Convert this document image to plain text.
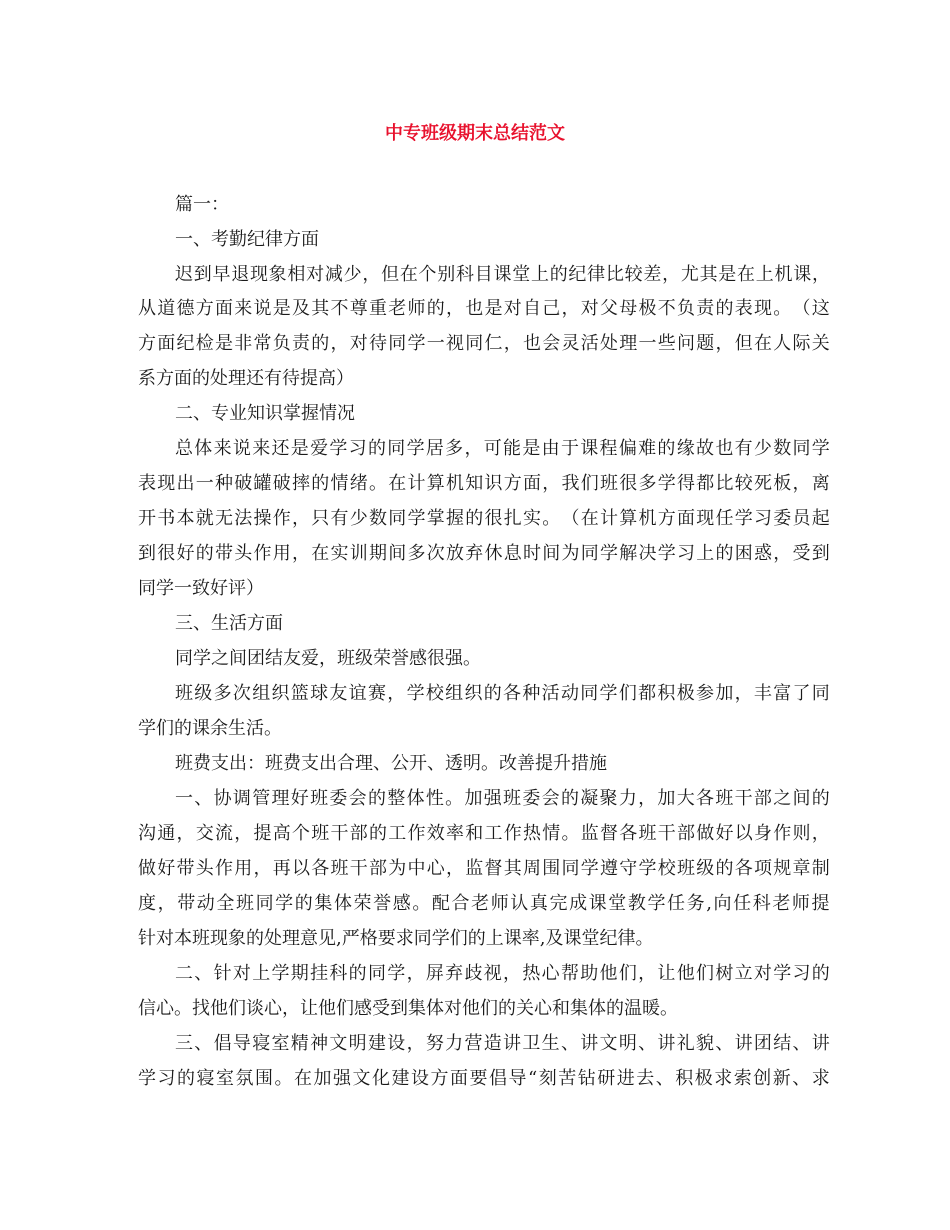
中专班级期末总结范文
篇一：
一、考勤纪律方面
迟 到 早 退 现 象 相 对 减 少 ， 但 在 个 别 科 目 课 堂 上 的 纪 律 比 较 差 ， 尤 其 是 在 上 机 课 ，
从 道 德 方 面 来 说 是 及 其 不 尊 重 老 师 的 ， 也 是 对 自 己 ， 对 父 母 极 不 负 责 的 表 现 。 （ 这
方 面 纪 检 是 非 常 负 责 的 ， 对 待 同 学 一 视 同 仁 ， 也 会 灵 活 处 理 一 些 问 题 ， 但 在 人 际 关
系方面的处理还有待提高）
二、专业知识掌握情况
总 体 来 说 来 还 是 爱 学 习 的 同 学 居 多 ， 可 能 是 由 于 课 程 偏 难 的 缘 故 也 有 少 数 同 学
表 现 出 一 种 破 罐 破 摔 的 情 绪 。 在 计 算 机 知 识 方 面 ， 我 们 班 很 多 学 得 都 比 较 死 板 ， 离
开 书 本 就 无 法 操 作 ， 只 有 少 数 同 学 掌 握 的 很 扎 实 。 （ 在 计 算 机 方 面 现 任 学 习 委 员 起
到 很 好 的 带 头 作 用 ， 在 实 训 期 间 多 次 放 弃 休 息 时 间 为 同 学 解 决 学 习 上 的 困 惑 ， 受 到
同学一致好评）
三、生活方面
同学之间团结友爱，班级荣誉感很强。
班 级 多 次 组 织 篮 球 友 谊 赛 ， 学 校 组 织 的 各 种 活 动 同 学 们 都 积 极 参 加 ， 丰 富 了 同
学们的课余生活。
班费支出：班费支出合理、公开、透明。改善提升措施
一 、 协 调 管 理 好 班 委 会 的 整 体 性 。 加 强 班 委 会 的 凝 聚 力 ， 加 大 各 班 干 部 之 间 的
沟 通 ， 交 流 ， 提 高 个 班 干 部 的 工 作 效 率 和 工 作 热 情 。 监 督 各 班 干 部 做 好 以 身 作 则 ，
做 好 带 头 作 用 ， 再 以 各 班 干 部 为 中 心 ， 监 督 其 周 围 同 学 遵 守 学 校 班 级 的 各 项 规 章 制
度 ， 带 动 全 班 同 学 的 集 体 荣 誉 感 。 配 合 老 师 认 真 完 成 课 堂 教 学 任 务 , 向 任 科 老 师 提
针对本班现象的处理意见,严格要求同学们的上课率,及课堂纪律。
二 、 针 对 上 学 期 挂 科 的 同 学 ， 屏 弃 歧 视 ， 热 心 帮 助 他 们 ， 让 他 们 树 立 对 学 习 的
信心。找他们谈心，让他们感受到集体对他们的关心和集体的温暖。
三 、 倡 导 寝 室 精 神 文 明 建 设 ， 努 力 营 造 讲 卫 生 、 讲 文 明 、 讲 礼 貌 、 讲 团 结 、 讲
学 习 的 寝 室 氛 围 。 在 加 强 文 化 建 设 方 面 要 倡 导 “ 刻 苦 钻 研 进 去 、 积 极 求 索 创 新 、 求
